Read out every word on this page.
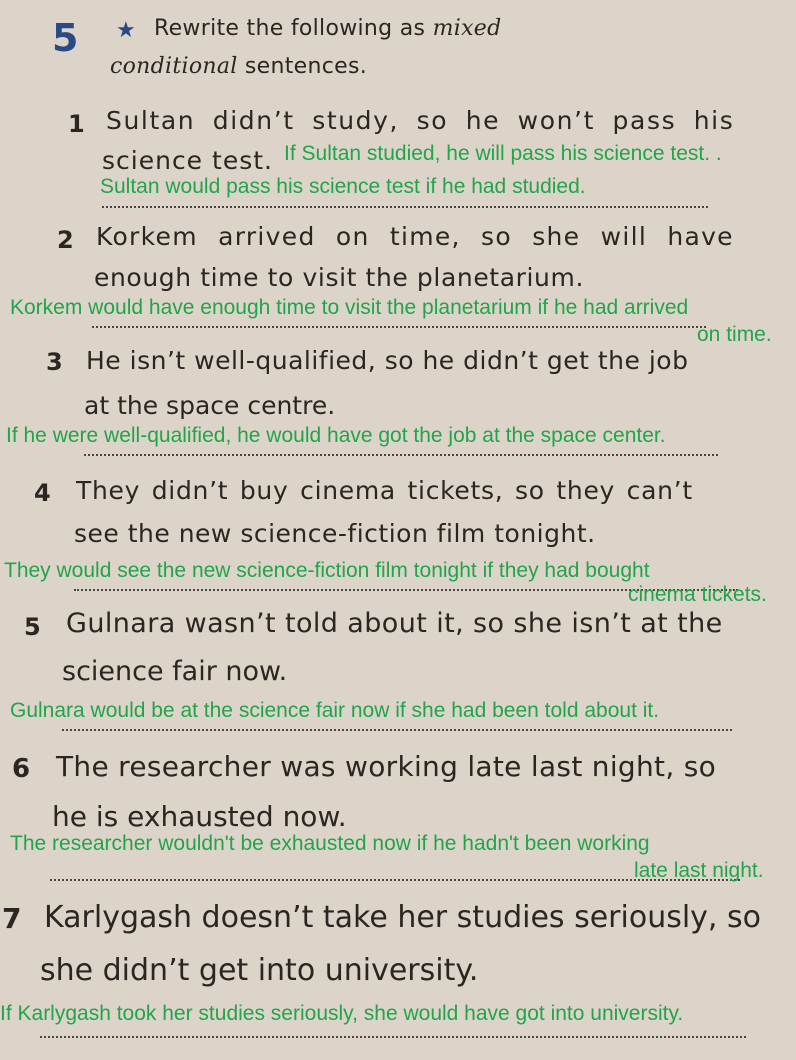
5 ★ Rewrite the following as mixed
conditional sentences.
1 Sultan didn’t study, so he won’t pass his
science test. If Sultan studied, he will pass his science test. .
Sultan would pass his science test if he had studied.
2 Korkem arrived on time, so she will have
enough time to visit the planetarium.
Korkem would have enough time to visit the planetarium if he had arrived
on time.
3 He isn’t well-qualified, so he didn’t get the job
at the space centre.
If he were well-qualified, he would have got the job at the space center.
4 They didn’t buy cinema tickets, so they can’t
see the new science-fiction film tonight.
They would see the new science-fiction film tonight if they had bought
cinema tickets.
5 Gulnara wasn’t told about it, so she isn’t at the
science fair now.
Gulnara would be at the science fair now if she had been told about it.
6 The researcher was working late last night, so
he is exhausted now.
The researcher wouldn't be exhausted now if he hadn't been working
late last night.
7 Karlygash doesn’t take her studies seriously, so
she didn’t get into university.
If Karlygash took her studies seriously, she would have got into university.
